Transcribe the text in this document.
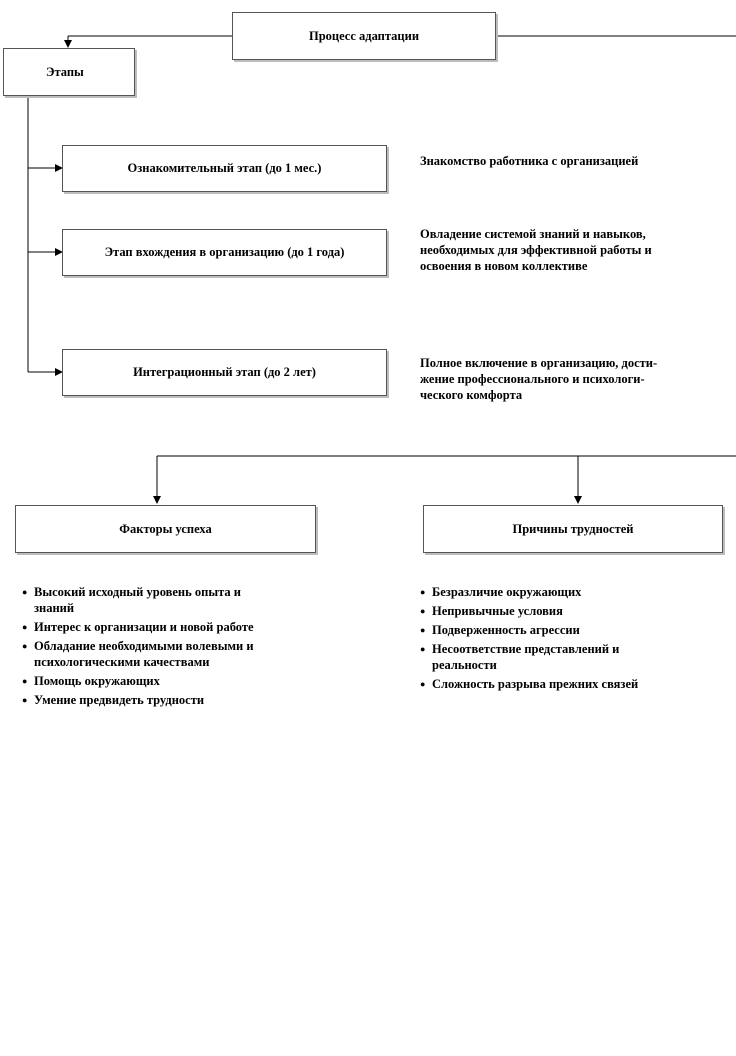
Процесс адаптации
Этапы
Ознакомительный этап (до 1 мес.)	Знакомство работника с организацией

Этап вхождения в организацию (до 1 года)

Овладение системой знаний и навыков,

необходимых для эффективной работы и

освоения в новом коллективе

Интеграционный этап (до 2 лет)

Полное включение в организацию, дости-

жение профессионального и психологи-

ческого комфорта

Факторы успеха	Причины трудностей
● Высокий исходный уровень опыта и
знаний
● Интерес к организации и новой работе
● Обладание необходимыми волевыми и
психологическими качествами
● Помощь окружающих
● Умение предвидеть трудности
● Безразличие окружающих
● Непривычные условия
● Подверженность агрессии
● Несоответствие представлений и
реальности
● Сложность разрыва прежних связей
